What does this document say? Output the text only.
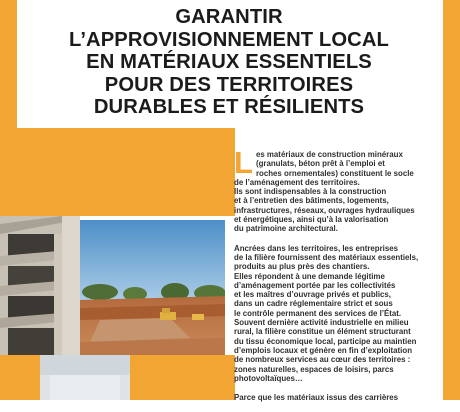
GARANTIR
L’APPROVISIONNEMENT LOCAL
EN MATÉRIAUX ESSENTIELS
POUR DES TERRITOIRES
DURABLES ET RÉSILIENTS

L es matériaux de construction minéraux
(granulats, béton prêt à l’emploi et
roches ornementales) constituent le socle
de l’aménagement des territoires.
Ils sont indispensables à la construction
et à l’entretien des bâtiments, logements,
infrastructures, réseaux, ouvrages hydrauliques
et énergétiques, ainsi qu’à la valorisation
du patrimoine architectural.

Ancrées dans les territoires, les entreprises
de la filière fournissent des matériaux essentiels,
produits au plus près des chantiers.
Elles répondent à une demande légitime
d’aménagement portée par les collectivités
et les maîtres d’ouvrage privés et publics,
dans un cadre réglementaire strict et sous
le contrôle permanent des services de l’État.
Souvent dernière activité industrielle en milieu
rural, la filière constitue un élément structurant
du tissu économique local, participe au maintien
d’emplois locaux et génère en fin d’exploitation
de nombreux services au cœur des territoires :
zones naturelles, espaces de loisirs, parcs
photovoltaïques…

Parce que les matériaux issus des carrières
